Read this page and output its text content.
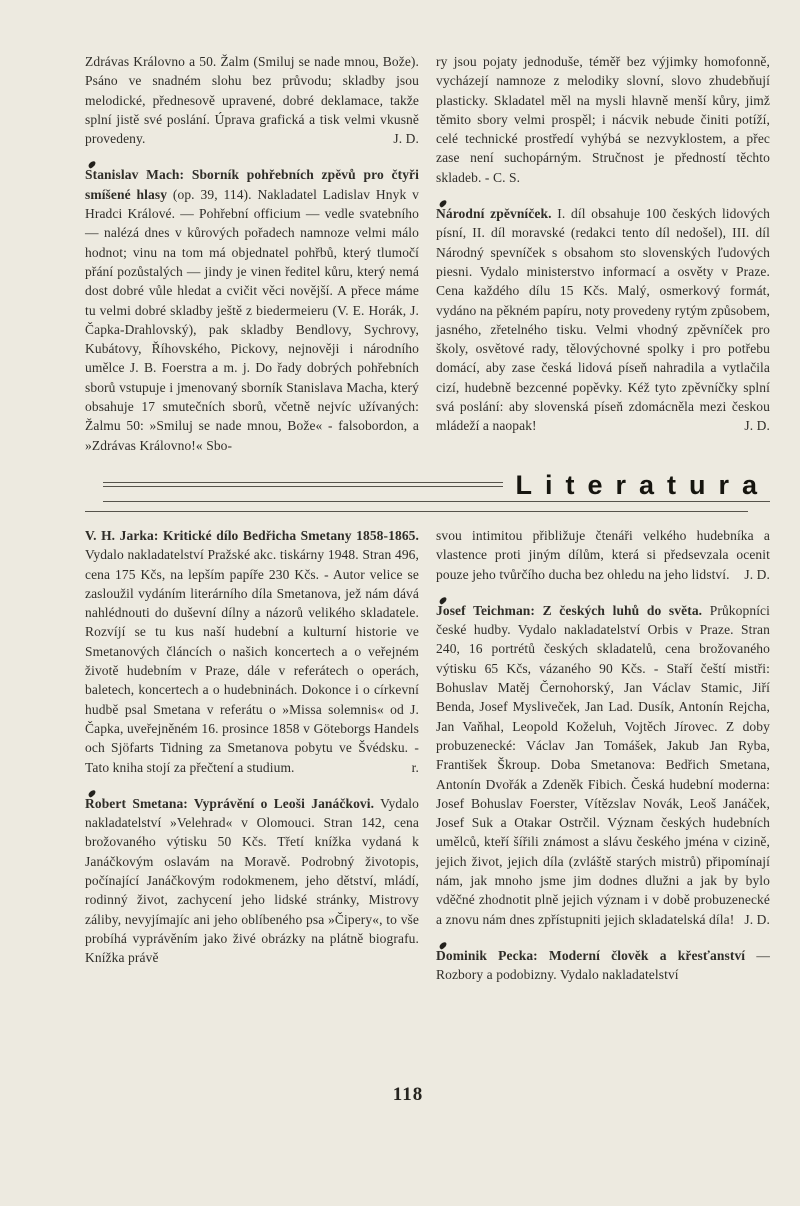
Zdrávas Královno a 50. Žalm (Smiluj se nade mnou, Bože). Psáno ve snadném slohu bez průvodu; skladby jsou melodické, přednesově upravené, dobré deklamace, takže splní jistě své poslání. Úprava grafická a tisk velmi vkusně provedeny.	J. D.

Stanislav Mach: Sborník pohřebních zpěvů pro čtyři smíšené hlasy (op. 39, 114). Nakladatel Ladislav Hnyk v Hradci Králové. — Pohřební officium — vedle svatebního — nalézá dnes v kůrových pořadech namnoze velmi málo hodnot; vinu na tom má objednatel pohřbů, který tlumočí přání pozůstalých — jindy je vinen ředitel kůru, který nemá dost dobré vůle hledat a cvičit věci novější. A přece máme tu velmi dobré skladby ještě z biedermeieru (V. E. Horák, J. Čapka-Drahlovský), pak skladby Bendlovy, Sychrovy, Kubátovy, Říhovského, Pickovy, nejnověji i národního umělce J. B. Foerstra a m. j. Do řady dobrých pohřebních sborů vstupuje i jmenovaný sborník Stanislava Macha, který obsahuje 17 smutečních sborů, včetně nejvíc užívaných: Žalmu 50: »Smiluj se nade mnou, Bože« - falsobordon, a »Zdrávas Královno!« Sbo-

ry jsou pojaty jednoduše, téměř bez výjimky homofonně, vycházejí namnoze z melodiky slovní, slovo zhudebňují plasticky. Skladatel měl na mysli hlavně menší kůry, jimž těmito sbory velmi prospěl; i nácvik nebude činiti potíží, celé technické prostředí vyhýbá se nezvyklostem, a přec zase není suchopárným. Stručnost je předností těchto skladeb. - C. S.

Národní zpěvníček. I. díl obsahuje 100 českých lidových písní, II. díl moravské (redakci tento díl nedošel), III. díl Národný spevníček s obsahom sto slovenských ľudových piesni. Vydalo ministerstvo informací a osvěty v Praze. Cena každého dílu 15 Kčs. Malý, osmerkový formát, vydáno na pěkném papíru, noty provedeny rytým způsobem, jasného, zřetelného tisku. Velmi vhodný zpěvníček pro školy, osvětové rady, tělovýchovné spolky i pro potřebu domácí, aby zase česká lidová píseň nahradila a vytlačila cizí, hudebně bezcenné popěvky. Kéž tyto zpěvníčky splní svá poslání: aby slovenská píseň zdomácněla mezi českou mládeží a naopak!	J. D.

Literatura

V. H. Jarka: Kritické dílo Bedřicha Smetany 1858-1865. Vydalo nakladatelství Pražské akc. tiskárny 1948. Stran 496, cena 175 Kčs, na lepším papíře 230 Kčs. - Autor velice se zasloužil vydáním literárního díla Smetanova, jež nám dává nahlédnouti do duševní dílny a názorů velikého skladatele. Rozvíjí se tu kus naší hudební a kulturní historie ve Smetanových článcích o našich koncertech a o veřejném životě hudebním v Praze, dále v referátech o operách, baletech, koncertech a o hudebninách. Dokonce i o církevní hudbě psal Smetana v referátu o »Missa solemnis« od J. Čapka, uveřejněném 16. prosince 1858 v Göteborgs Handels och Sjöfarts Tidning za Smetanova pobytu ve Švédsku. - Tato kniha stojí za přečtení a studium.	r.

Robert Smetana: Vyprávění o Leoši Janáčkovi. Vydalo nakladatelství »Velehrad« v Olomouci. Stran 142, cena brožovaného výtisku 50 Kčs. Třetí knížka vydaná k Janáčkovým oslavám na Moravě. Podrobný životopis, počínající Janáčkovým rodokmenem, jeho dětství, mládí, rodinný život, zachycení jeho lidské stránky, Mistrovy záliby, nevyjímajíc ani jeho oblíbeného psa »Čipery«, to vše probíhá vyprávěním jako živé obrázky na plátně biografu. Knížka právě

svou intimitou přibližuje čtenáři velkého hudebníka a vlastence proti jiným dílům, která si předsevzala ocenit pouze jeho tvůrčího ducha bez ohledu na jeho lidství.	J. D.

Josef Teichman: Z českých luhů do světa. Průkopníci české hudby. Vydalo nakladatelství Orbis v Praze. Stran 240, 16 portrétů českých skladatelů, cena brožovaného výtisku 65 Kčs, vázaného 90 Kčs. - Staří čeští mistři: Bohuslav Matěj Černohorský, Jan Václav Stamic, Jiří Benda, Josef Mysliveček, Jan Lad. Dusík, Antonín Rejcha, Jan Vaňhal, Leopold Koželuh, Vojtěch Jírovec. Z doby probuzenecké: Václav Jan Tomášek, Jakub Jan Ryba, František Škroup. Doba Smetanova: Bedřich Smetana, Antonín Dvořák a Zdeněk Fibich. Česká hudební moderna: Josef Bohuslav Foerster, Vítězslav Novák, Leoš Janáček, Josef Suk a Otakar Ostrčil. Význam českých hudebních umělců, kteří šířili známost a slávu českého jména v cizině, jejich život, jejich díla (zvláště starých mistrů) připomínají nám, jak mnoho jsme jim dodnes dlužni a jak by bylo vděčné zhodnotit plně jejich význam i v době probuzenecké a znovu nám dnes zpřístupniti jejich skladatelská díla! J. D.

Dominik Pecka: Moderní člověk a křesťanství — Rozbory a podobizny. Vydalo nakladatelství

118
